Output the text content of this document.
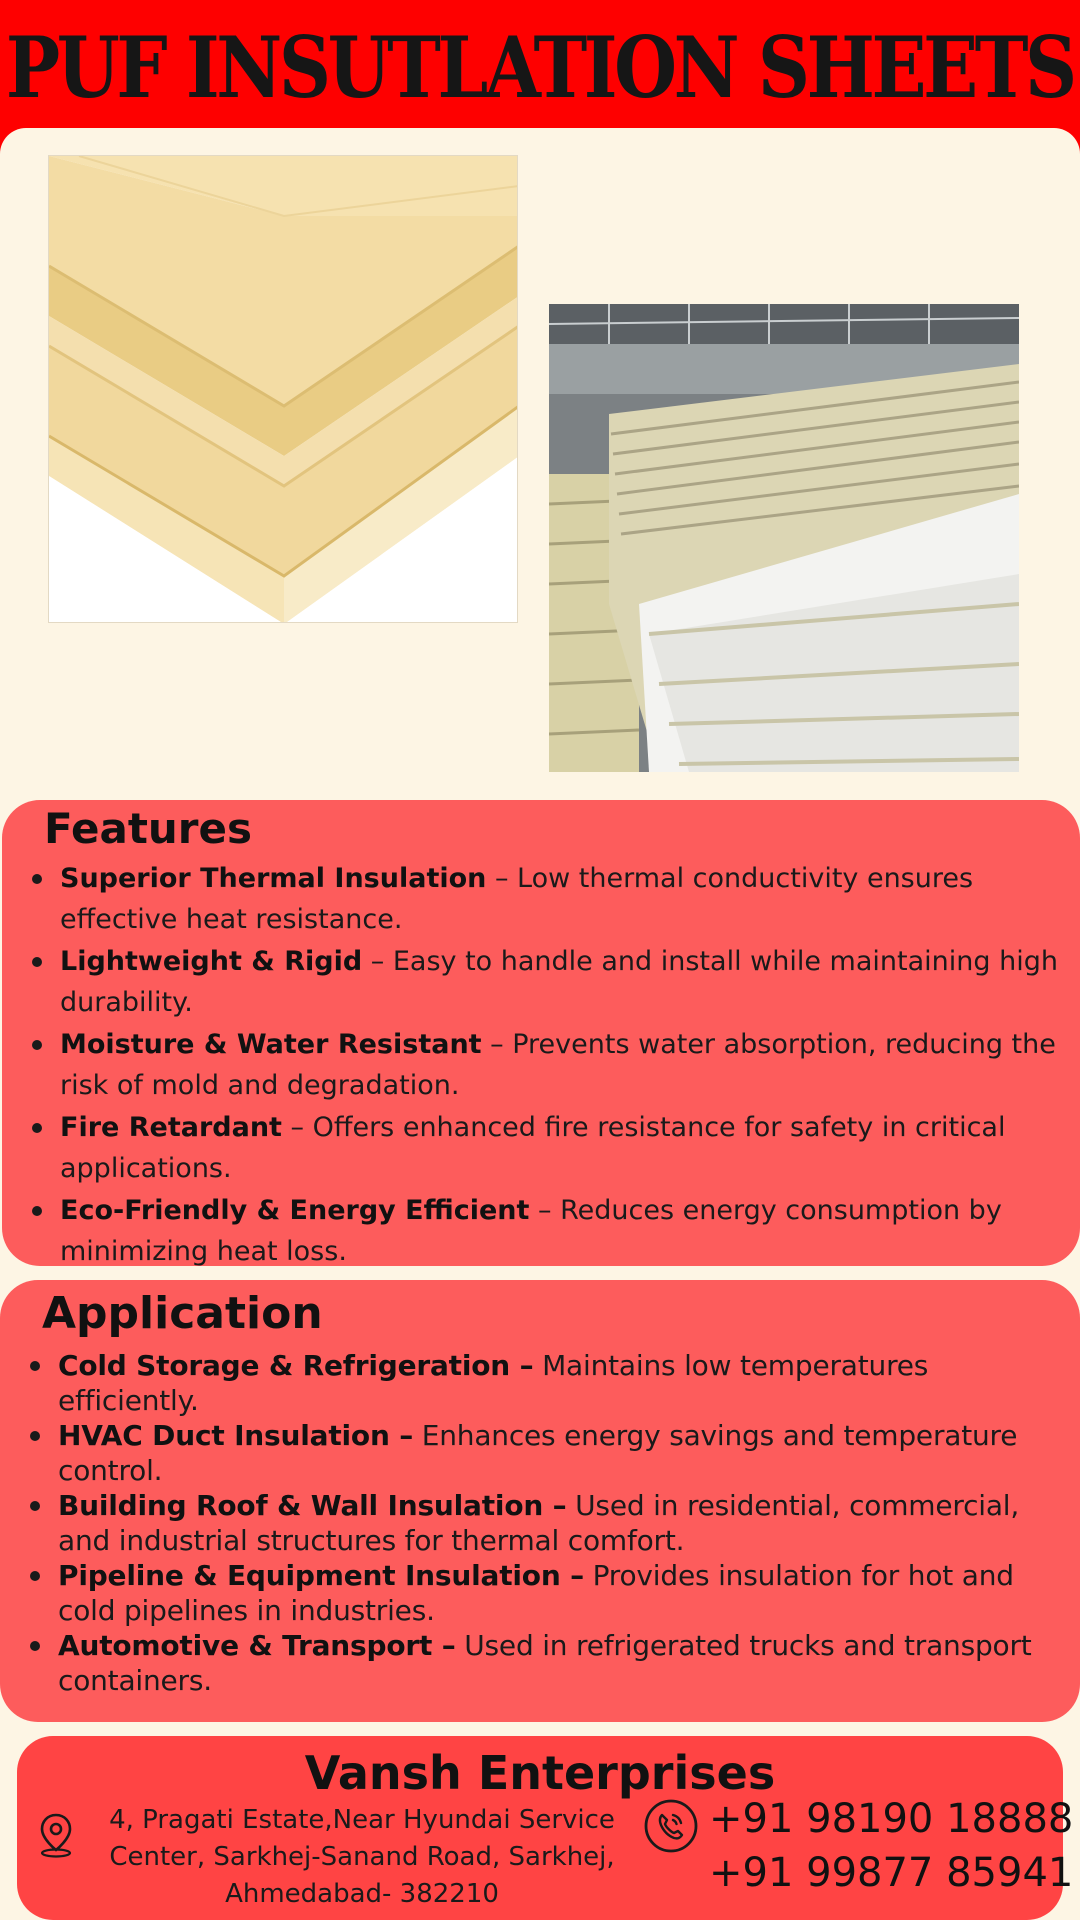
PUF INSUTLATION SHEETS
Features
Superior Thermal Insulation – Low thermal conductivity ensures effective heat resistance.
Lightweight & Rigid – Easy to handle and install while maintaining high durability.
Moisture & Water Resistant – Prevents water absorption, reducing the risk of mold and degradation.
Fire Retardant – Offers enhanced fire resistance for safety in critical applications.
Eco-Friendly & Energy Efficient – Reduces energy consumption by minimizing heat loss.
Application
Cold Storage & Refrigeration – Maintains low temperatures efficiently.
HVAC Duct Insulation – Enhances energy savings and temperature control.
Building Roof & Wall Insulation – Used in residential, commercial, and industrial structures for thermal comfort.
Pipeline & Equipment Insulation – Provides insulation for hot and cold pipelines in industries.
Automotive & Transport – Used in refrigerated trucks and transport containers.
Vansh Enterprises
4, Pragati Estate,Near Hyundai Service
Center, Sarkhej-Sanand Road, Sarkhej,
Ahmedabad- 382210
+91 98190 18888
+91 99877 85941
